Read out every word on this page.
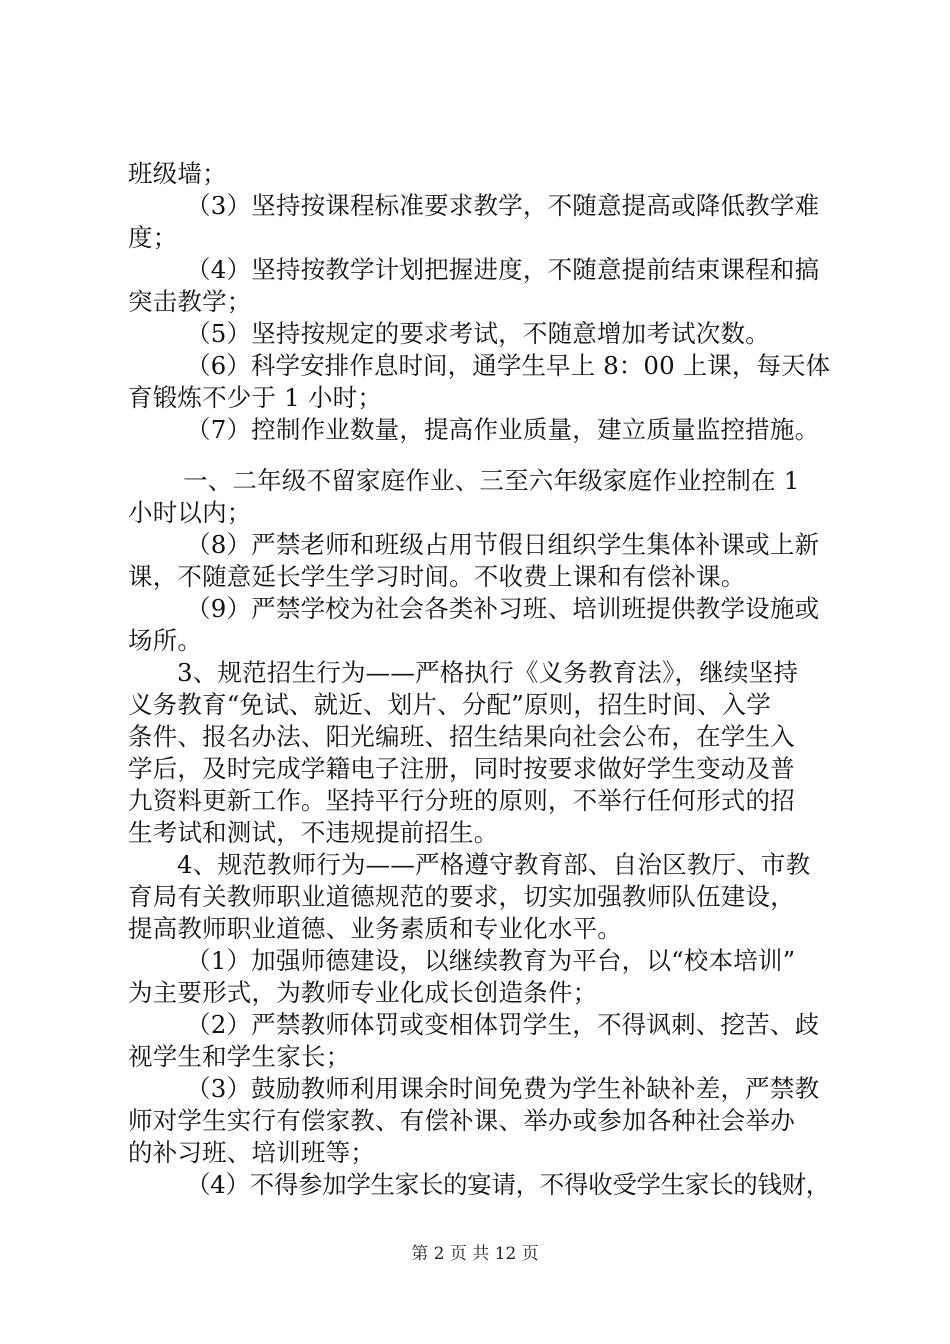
班级墙；
（3）坚持按课程标准要求教学，不随意提高或降低教学难
度；
（4）坚持按教学计划把握进度，不随意提前结束课程和搞
突击教学；
（5）坚持按规定的要求考试，不随意增加考试次数。
（6）科学安排作息时间，通学生早上 8：00 上课，每天体
育锻炼不少于 1 小时；
（7）控制作业数量，提高作业质量，建立质量监控措施。
一、二年级不留家庭作业、三至六年级家庭作业控制在 1
小时以内；
（8）严禁老师和班级占用节假日组织学生集体补课或上新
课，不随意延长学生学习时间。不收费上课和有偿补课。
（9）严禁学校为社会各类补习班、培训班提供教学设施或
场所。
3、规范招生行为——严格执行《义务教育法》，继续坚持
义务教育“免试、就近、划片、分配”原则，招生时间、入学
条件、报名办法、阳光编班、招生结果向社会公布，在学生入
学后，及时完成学籍电子注册，同时按要求做好学生变动及普
九资料更新工作。坚持平行分班的原则，不举行任何形式的招
生考试和测试，不违规提前招生。
4、规范教师行为——严格遵守教育部、自治区教厅、市教
育局有关教师职业道德规范的要求，切实加强教师队伍建设，
提高教师职业道德、业务素质和专业化水平。
（1）加强师德建设，以继续教育为平台，以“校本培训”
为主要形式，为教师专业化成长创造条件；
（2）严禁教师体罚或变相体罚学生，不得讽刺、挖苦、歧
视学生和学生家长；
（3）鼓励教师利用课余时间免费为学生补缺补差，严禁教
师对学生实行有偿家教、有偿补课、举办或参加各种社会举办
的补习班、培训班等；
（4）不得参加学生家长的宴请，不得收受学生家长的钱财，
第 2 页 共 12 页
